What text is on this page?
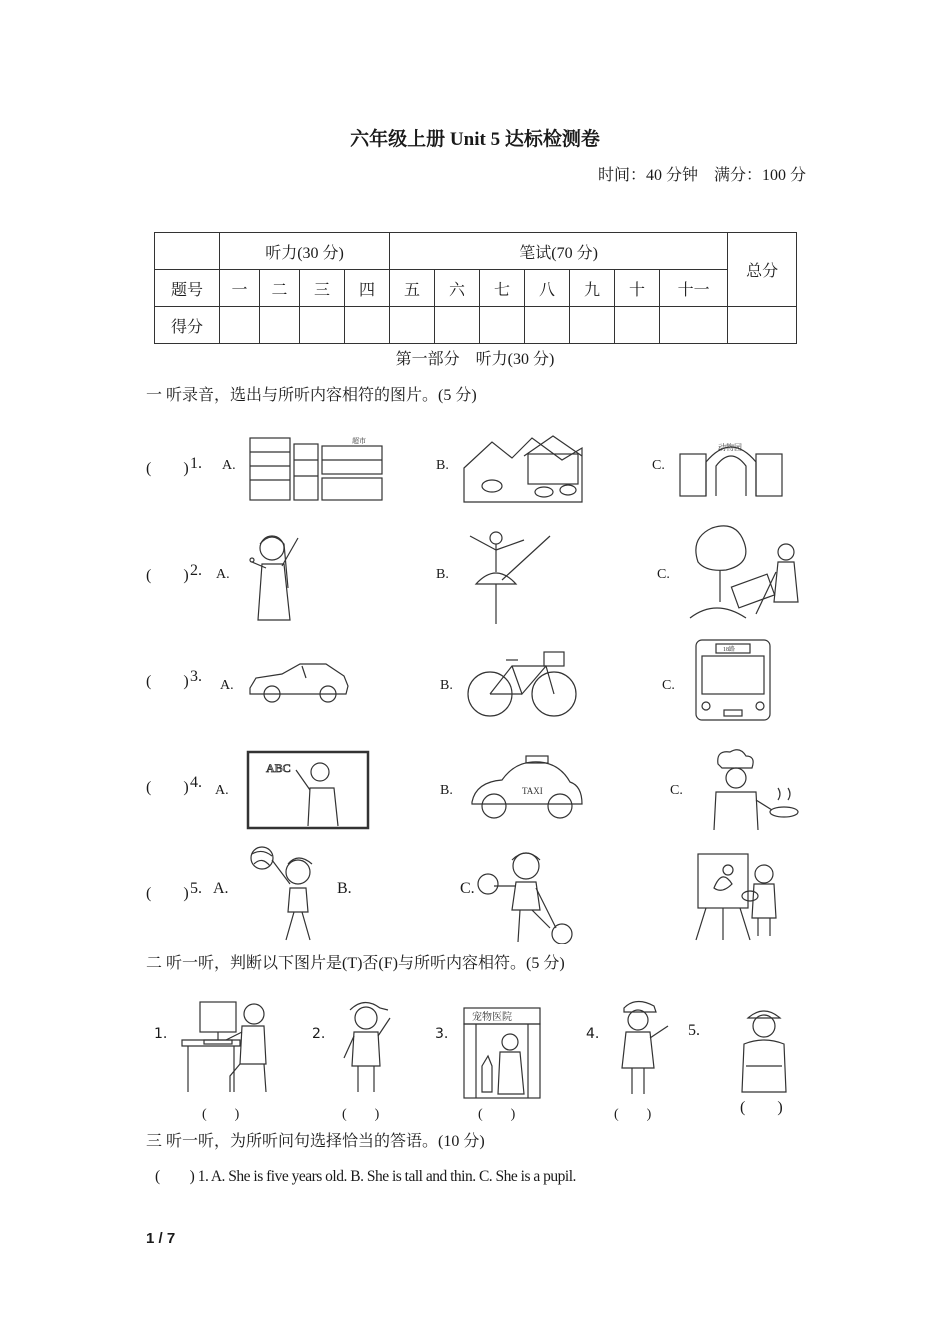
六年级上册 Unit 5 达标检测卷
时间：40 分钟　满分：100 分
	听力(30 分)				笔试(70 分)							总分
题号	一	二	三	四	五	六	七	八	九	十	十一	
得分												
第一部分　听力(30 分)
一 听录音，选出与所听内容相符的图片。(5 分)
(　　) 1. A.
超市
B.	C.
动物园
(　　) 2. A.	B.	C.
(　　) 3.
A.	B.	C.
18路
(　　) 4. A.
ABC
B.	TAXI	C.
(　　) 5. A.	B.	C.
二 听一听，判断以下图片是(T)否(F)与所听内容相符。(5 分)
1.
(　　)
2.
(　　)
3.
宠物医院
(　　)
4.
(　　)
5.
(　　)
三 听一听，为所听问句选择恰当的答语。(10 分)
(　　) 1. A. She is five years old. B. She is tall and thin. C. She is a pupil.
1 / 7
